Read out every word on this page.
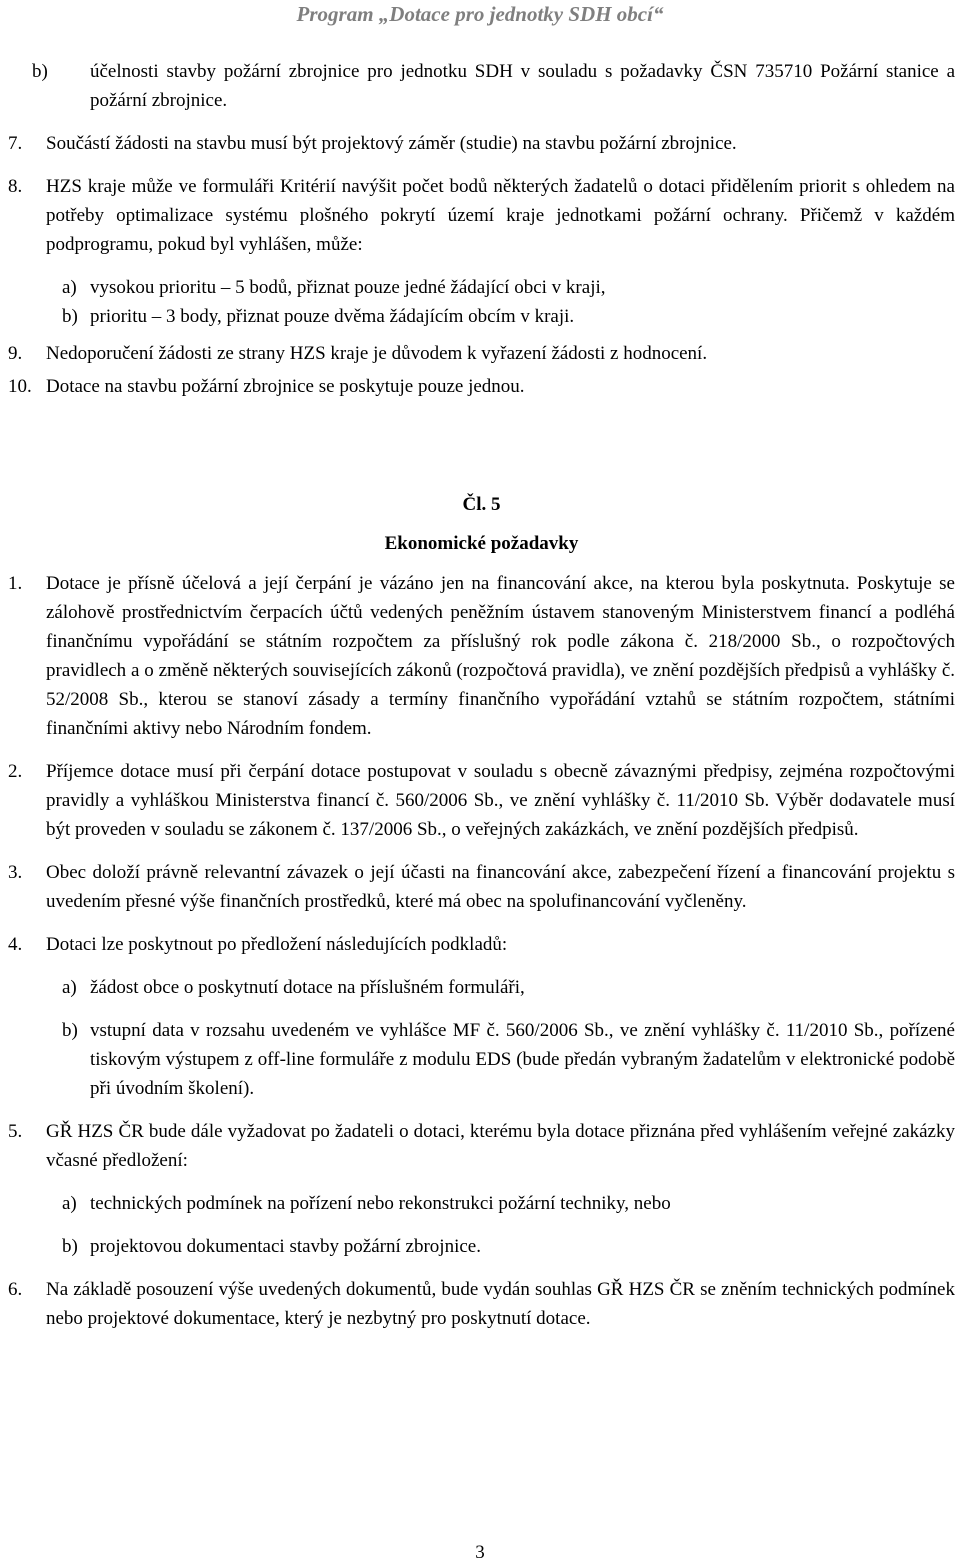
Program „Dotace pro jednotky SDH obcí“
b)	účelnosti stavby požární zbrojnice pro jednotku SDH v souladu s požadavky ČSN 735710 Požární stanice a požární zbrojnice.
7. Součástí žádosti na stavbu musí být projektový záměr (studie) na stavbu požární zbrojnice.
8. HZS kraje může ve formuláři Kritérií navýšit počet bodů některých žadatelů o dotaci přidělením priorit s ohledem na potřeby optimalizace systému plošného pokrytí území kraje jednotkami požární ochrany. Přičemž v každém podprogramu, pokud byl vyhlášen, může:
a) vysokou prioritu – 5 bodů, přiznat pouze jedné žádající obci v kraji,
b) prioritu – 3 body, přiznat pouze dvěma žádajícím obcím v kraji.
9. Nedoporučení žádosti ze strany HZS kraje je důvodem k vyřazení žádosti z hodnocení.
10. Dotace na stavbu požární zbrojnice se poskytuje pouze jednou.
Čl. 5
Ekonomické požadavky
1. Dotace je přísně účelová a její čerpání je vázáno jen na financování akce, na kterou byla poskytnuta. Poskytuje se zálohově prostřednictvím čerpacích účtů vedených peněžním ústavem stanoveným Ministerstvem financí a podléhá finančnímu vypořádání se státním rozpočtem za příslušný rok podle zákona č. 218/2000 Sb., o rozpočtových pravidlech a o změně některých souvisejících zákonů (rozpočtová pravidla), ve znění pozdějších předpisů a vyhlášky č. 52/2008 Sb., kterou se stanoví zásady a termíny finančního vypořádání vztahů se státním rozpočtem, státními finančními aktivy nebo Národním fondem.
2. Příjemce dotace musí při čerpání dotace postupovat v souladu s obecně závaznými předpisy, zejména rozpočtovými pravidly a vyhláškou Ministerstva financí č. 560/2006 Sb., ve znění vyhlášky č. 11/2010 Sb. Výběr dodavatele musí být proveden v souladu se zákonem č. 137/2006 Sb., o veřejných zakázkách, ve znění pozdějších předpisů.
3. Obec doloží právně relevantní závazek o její účasti na financování akce, zabezpečení řízení a financování projektu s uvedením přesné výše finančních prostředků, které má obec na spolufinancování vyčleněny.
4. Dotaci lze poskytnout po předložení následujících podkladů:
a) žádost obce o poskytnutí dotace na příslušném formuláři,
b) vstupní data v rozsahu uvedeném ve vyhlášce MF č. 560/2006 Sb., ve znění vyhlášky č. 11/2010 Sb., pořízené tiskovým výstupem z off-line formuláře z modulu EDS (bude předán vybraným žadatelům v elektronické podobě při úvodním školení).
5. GŘ HZS ČR bude dále vyžadovat po žadateli o dotaci, kterému byla dotace přiznána před vyhlášením veřejné zakázky včasné předložení:
a) technických podmínek na pořízení nebo rekonstrukci požární techniky, nebo
b) projektovou dokumentaci stavby požární zbrojnice.
6. Na základě posouzení výše uvedených dokumentů, bude vydán souhlas GŘ HZS ČR se zněním technických podmínek nebo projektové dokumentace, který je nezbytný pro poskytnutí dotace.
3
